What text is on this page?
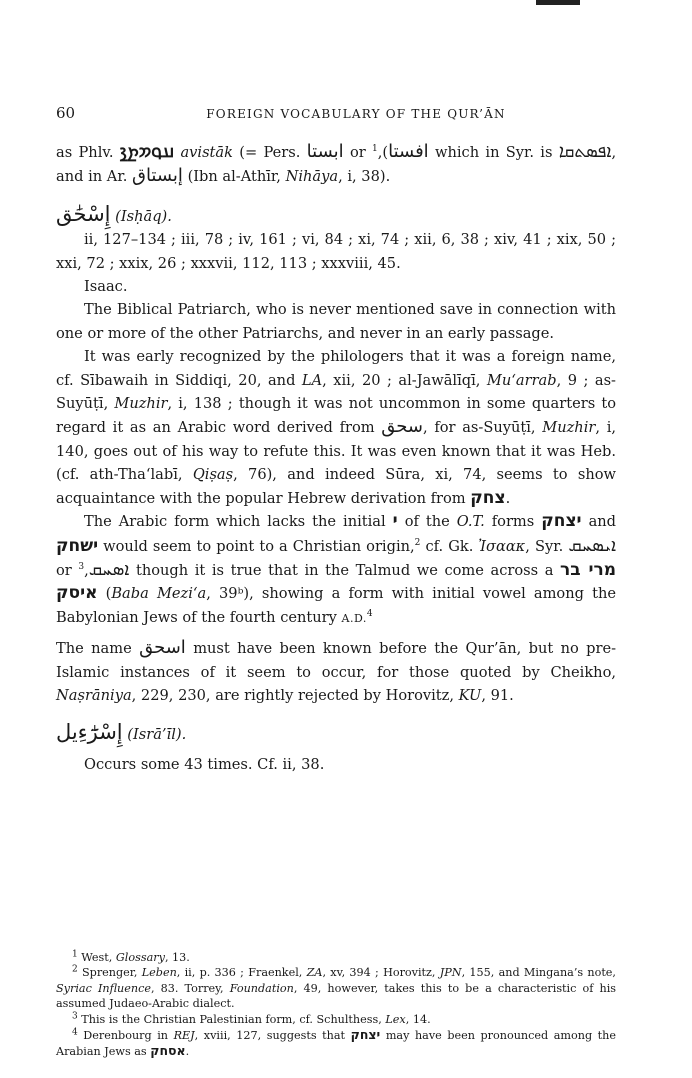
60	FOREIGN VOCABULARY OF THE QUR’ĀN

as Phlv. 𐭠𐭯𐭮𐭲𐭪 avistāk (= Pers. ابستا or افستا),$^1$	which in Syr. is ܐܦܣܬܩܐ, and in Ar. إبستاق (Ibn al-Athīr, Nihāya, i, 38).

إِسْحَٰق (Isḥāq).

ii, 127–134 ; iii, 78 ; iv, 161 ; vi, 84 ; xi, 74 ; xii, 6, 38 ; xiv, 41 ; xix, 50 ; xxi, 72 ; xxix, 26 ; xxxvii, 112, 113 ; xxxviii, 45.

Isaac.

The Biblical Patriarch, who is never mentioned save in connection with one or more of the other Patriarchs, and never in an early passage.

It was early recognized by the philologers that it was a foreign name, cf. Sībawaih in Siddiqi, 20, and LA, xii, 20 ; al-Jawālīqī, Mu‘arrab, 9 ; as-Suyūṭī, Muzhir, i, 138 ; though it was not uncommon in some quarters to regard it as an Arabic word derived from سحق, for as-Suyūṭī, Muzhir, i, 140, goes out of his way to refute this. It was even known that it was Heb. (cf. ath-Tha‘labī, Qiṣaṣ, 76), and indeed Sūra, xi, 74, seems to show acquaintance with the popular Hebrew derivation from צחק.

The Arabic form which lacks the initial י of the O.T. forms יצחק and ישחק would seem to point to a Christian origin,$^2$ cf. Gk. Ἰσαακ, Syr. ܐܝܣܚܩ or ܐܣܚܩ,$^3$	though it is true that in the Talmud we come across a מרי בר איסק (Baba Mezi‘a, 39ᵇ), showing a form with initial vowel among the Babylonian Jews of the fourth century A.D.$^4$

The name اسحق must have been known before the Qur’ān, but no pre-Islamic instances of it seem to occur, for those quoted by Cheikho, Naṣrāniya, 229, 230, are rightly rejected by Horovitz, KU, 91.

إِسْرَٰٓءِيل (Isrā’īl).

Occurs some 43 times. Cf. ii, 38.

$^1$ West, Glossary, 13.

$^2$ Sprenger, Leben, ii, p. 336 ; Fraenkel, ZA, xv, 394 ; Horovitz, JPN, 155, and Mingana’s note, Syriac Influence, 83. Torrey, Foundation, 49, however, takes this to be a characteristic of his assumed Judaeo-Arabic dialect.

$^3$ This is the Christian Palestinian form, cf. Schulthess, Lex, 14.

$^4$ Derenbourg in REJ, xviii, 127, suggests that יצחק may have been pronounced among the Arabian Jews as אסחק.
